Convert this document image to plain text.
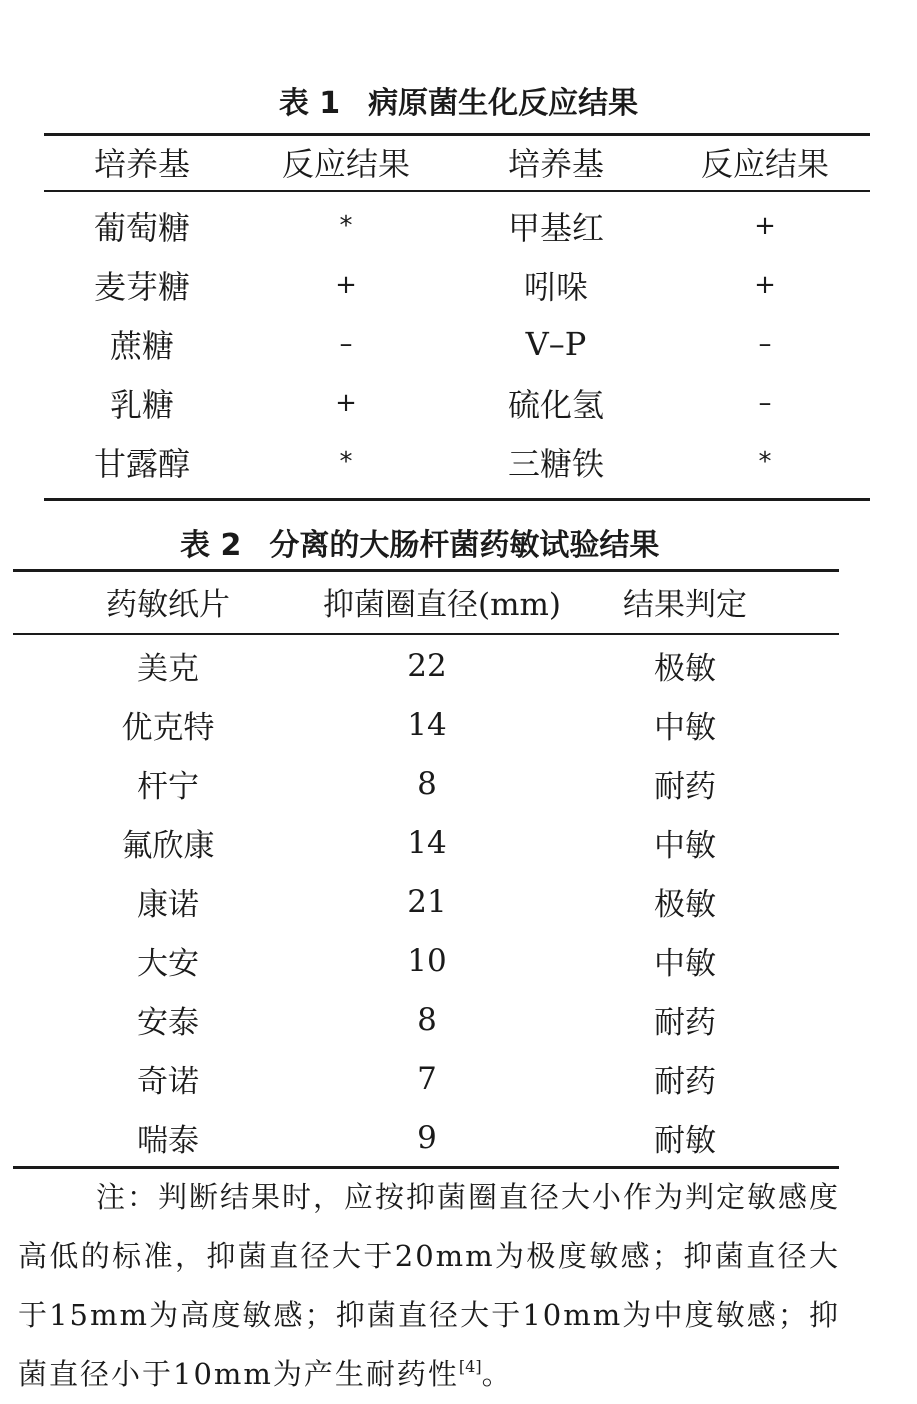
表 1 病原菌生化反应结果
培养基	反应结果	培养基	反应结果
葡萄糖	*	甲基红	+
麦芽糖	+	吲哚	+
蔗糖	–	V–P	–
乳糖	+	硫化氢	–
甘露醇	*	三糖铁	*
表 2 分离的大肠杆菌药敏试验结果
药敏纸片	抑菌圈直径(mm)	结果判定
美克	22	极敏
优克特	14	中敏
杆宁	8	耐药
氟欣康	14	中敏
康诺	21	极敏
大安	10	中敏
安泰	8	耐药
奇诺	7	耐药
喘泰	9	耐敏
注：判断结果时，应按抑菌圈直径大小作为判定敏感度高低的标准，抑菌直径大于20mm为极度敏感；抑菌直径大于15mm为高度敏感；抑菌直径大于10mm为中度敏感；抑菌直径小于10mm为产生耐药性[4]。
